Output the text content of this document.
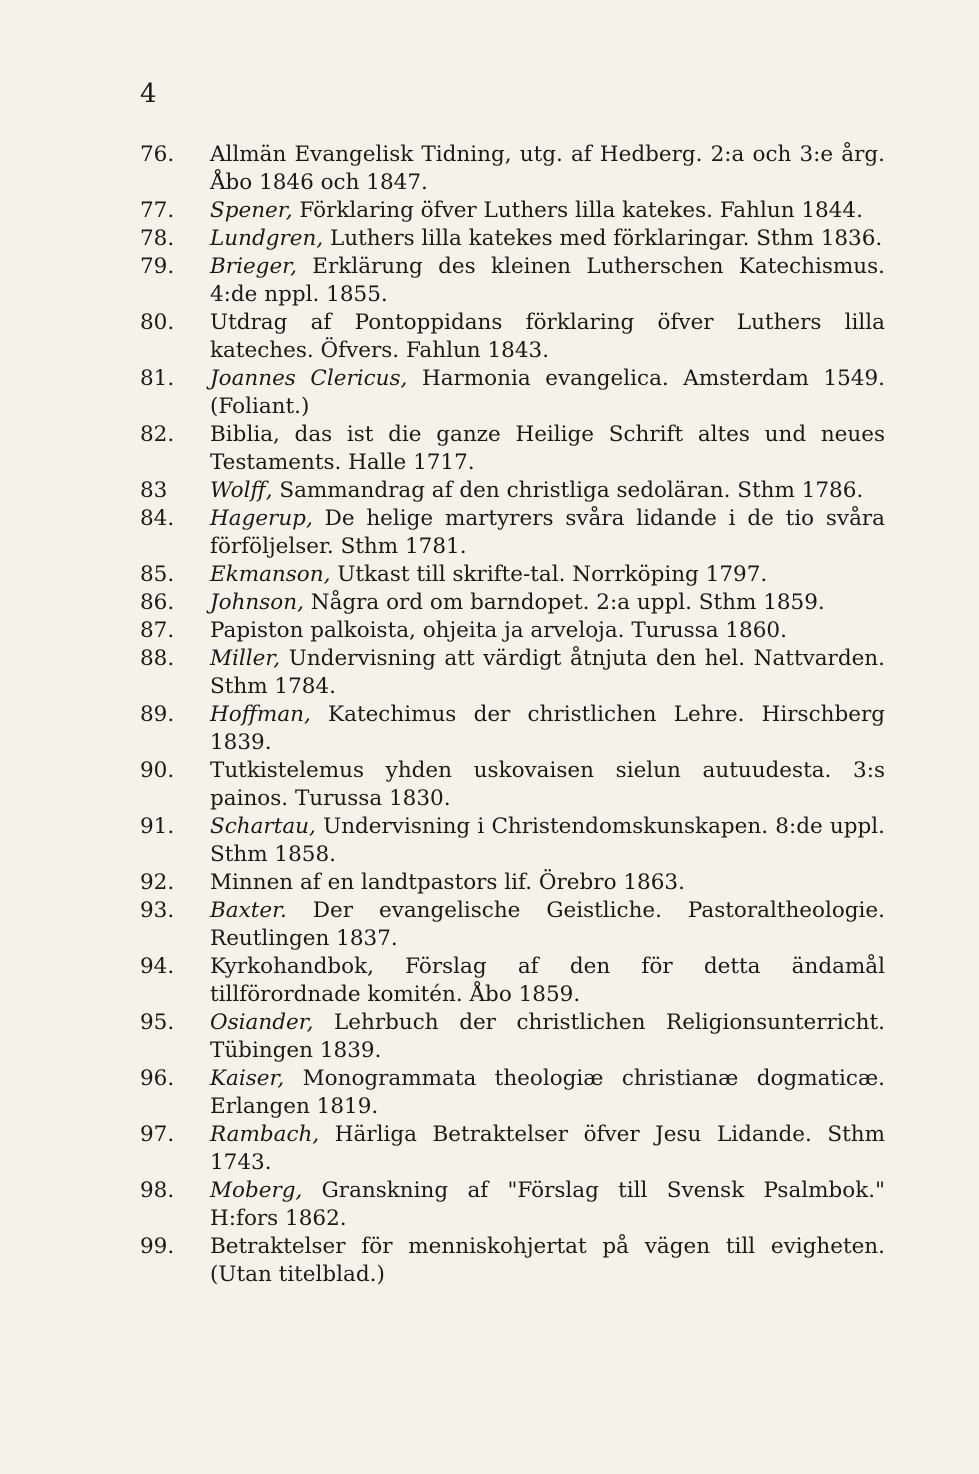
4
76.	Allmän Evangelisk Tidning, utg. af Hedberg. 2:a och 3:e årg. Åbo 1846 och 1847.
77.	Spener, Förklaring öfver Luthers lilla katekes. Fahlun 1844.
78.	Lundgren, Luthers lilla katekes med förklaringar. Sthm 1836.
79.	Brieger, Erklärung des kleinen Lutherschen Katechismus. 4:de nppl. 1855.
80.	Utdrag af Pontoppidans förklaring öfver Luthers lilla kateches. Öfvers. Fahlun 1843.
81.	Joannes Clericus, Harmonia evangelica. Amsterdam 1549. (Foliant.)
82.	Biblia, das ist die ganze Heilige Schrift altes und neues Testaments. Halle 1717.
83	Wolff, Sammandrag af den christliga sedoläran. Sthm 1786.
84.	Hagerup, De helige martyrers svåra lidande i de tio svåra förföljelser. Sthm 1781.
85.	Ekmanson, Utkast till skrifte-tal. Norrköping 1797.
86.	Johnson, Några ord om barndopet. 2:a uppl. Sthm 1859.
87.	Papiston palkoista, ohjeita ja arveloja. Turussa 1860.
88.	Miller, Undervisning att värdigt åtnjuta den hel. Nattvarden. Sthm 1784.
89.	Hoffman, Katechimus der christlichen Lehre. Hirschberg 1839.
90.	Tutkistelemus yhden uskovaisen sielun autuudesta. 3:s painos. Turussa 1830.
91.	Schartau, Undervisning i Christendomskunskapen. 8:de uppl. Sthm 1858.
92.	Minnen af en landtpastors lif. Örebro 1863.
93.	Baxter. Der evangelische Geistliche. Pastoraltheologie. Reutlingen 1837.
94.	Kyrkohandbok, Förslag af den för detta ändamål tillförordnade komitén. Åbo 1859.
95.	Osiander, Lehrbuch der christlichen Religionsunterricht. Tübingen 1839.
96.	Kaiser, Monogrammata theologiæ christianæ dogmaticæ. Erlangen 1819.
97.	Rambach, Härliga Betraktelser öfver Jesu Lidande. Sthm 1743.
98.	Moberg, Granskning af "Förslag till Svensk Psalmbok." H:fors 1862.
99.	Betraktelser för menniskohjertat på vägen till evigheten. (Utan titelblad.)
